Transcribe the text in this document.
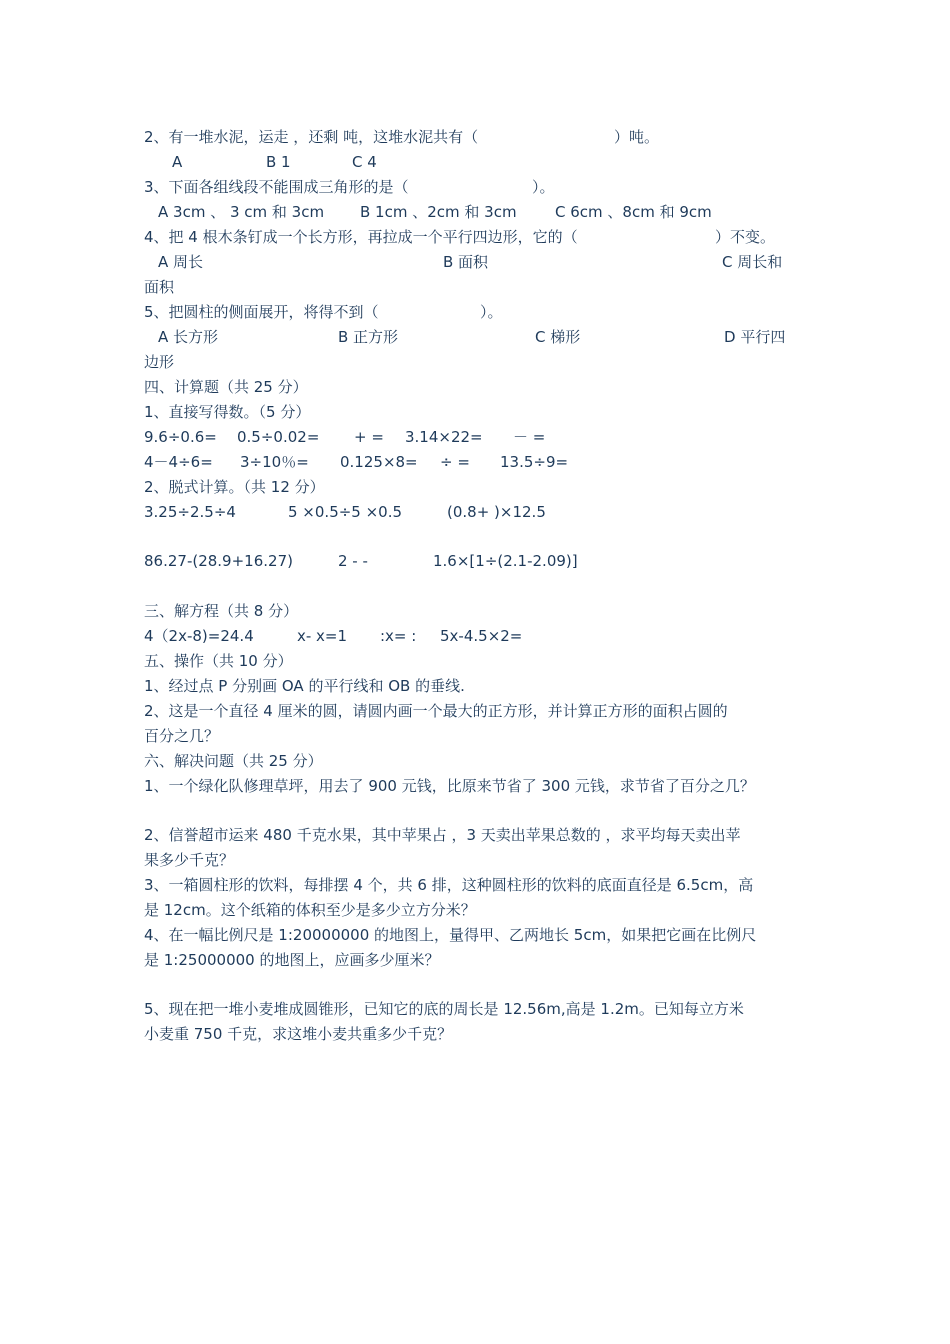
2、有一堆水泥，运走 ，还剩 吨，这堆水泥共有（	）吨。
A	B 1	C 4
3、下面各组线段不能围成三角形的是（	）。
A 3cm 、 3 cm 和 3cm B 1cm 、2cm 和 3cm	C 6cm 、8cm 和 9cm
4、把 4 根木条钉成一个长方形，再拉成一个平行四边形，它的（	）不变。
A 周长	B 面积	C 周长和
面积
5、把圆柱的侧面展开，将得不到（	）。
A 长方形	B 正方形	C 梯形	D 平行四
边形
四、计算题（共 25 分）
1、直接写得数。（5 分）
9.6÷0.6= 0.5÷0.02= + = 3.14×22= － =
4－4÷6= 3÷10％= 0.125×8= ÷ = 13.5÷9=
2、脱式计算。（共 12 分）
3.25÷2.5÷4	5 ×0.5÷5 ×0.5	(0.8+ )×12.5
86.27-(28.9+16.27)	2 - -	1.6×[1÷(2.1-2.09)]
三、解方程（共 8 分）
4（2x-8)=24.4	x- x=1 :x= : 5x-4.5×2=
五、操作（共 10 分）
1、经过点 P 分别画 OA 的平行线和 OB 的垂线.
2、这是一个直径 4 厘米的圆，请圆内画一个最大的正方形，并计算正方形的面积占圆的
百分之几？
六、解决问题（共 25 分）
1、一个绿化队修理草坪，用去了 900 元钱，比原来节省了 300 元钱，求节省了百分之几？
2、信誉超市运来 480 千克水果，其中苹果占 ，3 天卖出苹果总数的 ，求平均每天卖出苹
果多少千克？
3、一箱圆柱形的饮料，每排摆 4 个，共 6 排，这种圆柱形的饮料的底面直径是 6.5cm，高
是 12cm。这个纸箱的体积至少是多少立方分米？
4、在一幅比例尺是 1:20000000 的地图上，量得甲、乙两地长 5cm，如果把它画在比例尺
是 1:25000000 的地图上，应画多少厘米？
5、现在把一堆小麦堆成圆锥形，已知它的底的周长是 12.56m,高是 1.2m。已知每立方米
小麦重 750 千克，求这堆小麦共重多少千克？
